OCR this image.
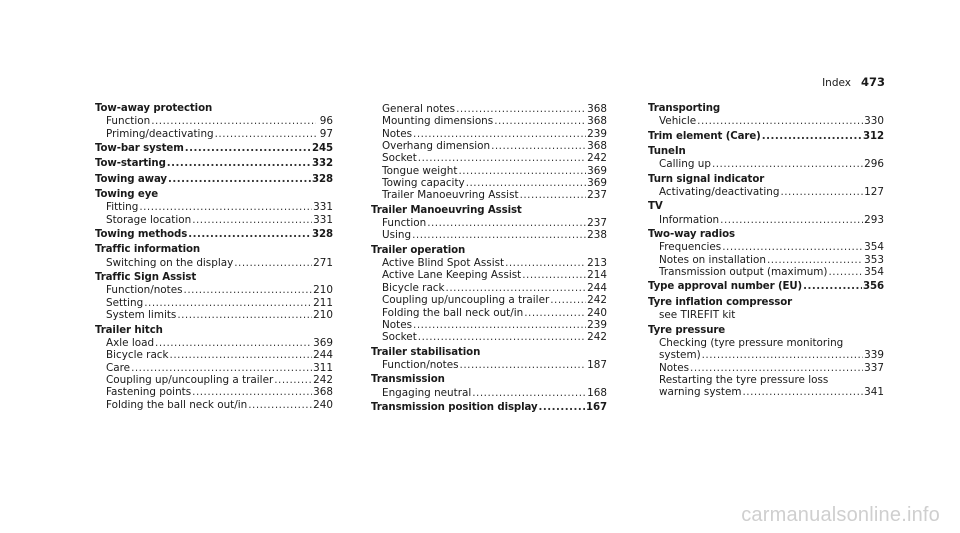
Index 473
Tow-away protection
Function .....	96
Priming/deactivating .....	97
Tow-bar system .....	245
Tow-starting .....	332
Towing away .....	328
Towing eye
Fitting .....	331
Storage location .....	331
Towing methods .....	328
Traffic information
Switching on the display .....	271
Traffic Sign Assist
Function/notes .....	210
Setting .....	211
System limits .....	210
Trailer hitch
Axle load .....	369
Bicycle rack .....	244
Care .....	311
Coupling up/uncoupling a trailer .....	242
Fastening points .....	368
Folding the ball neck out/in .....	240
General notes .....	368
Mounting dimensions .....	368
Notes .....	239
Overhang dimension .....	368
Socket .....	242
Tongue weight .....	369
Towing capacity .....	369
Trailer Manoeuvring Assist .....	237
Trailer Manoeuvring Assist
Function .....	237
Using .....	238
Trailer operation
Active Blind Spot Assist .....	213
Active Lane Keeping Assist .....	214
Bicycle rack .....	244
Coupling up/uncoupling a trailer .....	242
Folding the ball neck out/in .....	240
Notes .....	239
Socket .....	242
Trailer stabilisation
Function/notes .....	187
Transmission
Engaging neutral .....	168
Transmission position display .....	167
Transporting
Vehicle .....	330
Trim element (Care) .....	312
TuneIn
Calling up .....	296
Turn signal indicator
Activating/deactivating .....	127
TV
Information .....	293
Two-way radios
Frequencies .....	354
Notes on installation .....	353
Transmission output (maximum) .....	354
Type approval number (EU) .....	356
Tyre inflation compressor
see TIREFIT kit
Tyre pressure
Checking (tyre pressure monitoring
system) .....	339
Notes .....	337
Restarting the tyre pressure loss
warning system .....	341
carmanualsonline.info
